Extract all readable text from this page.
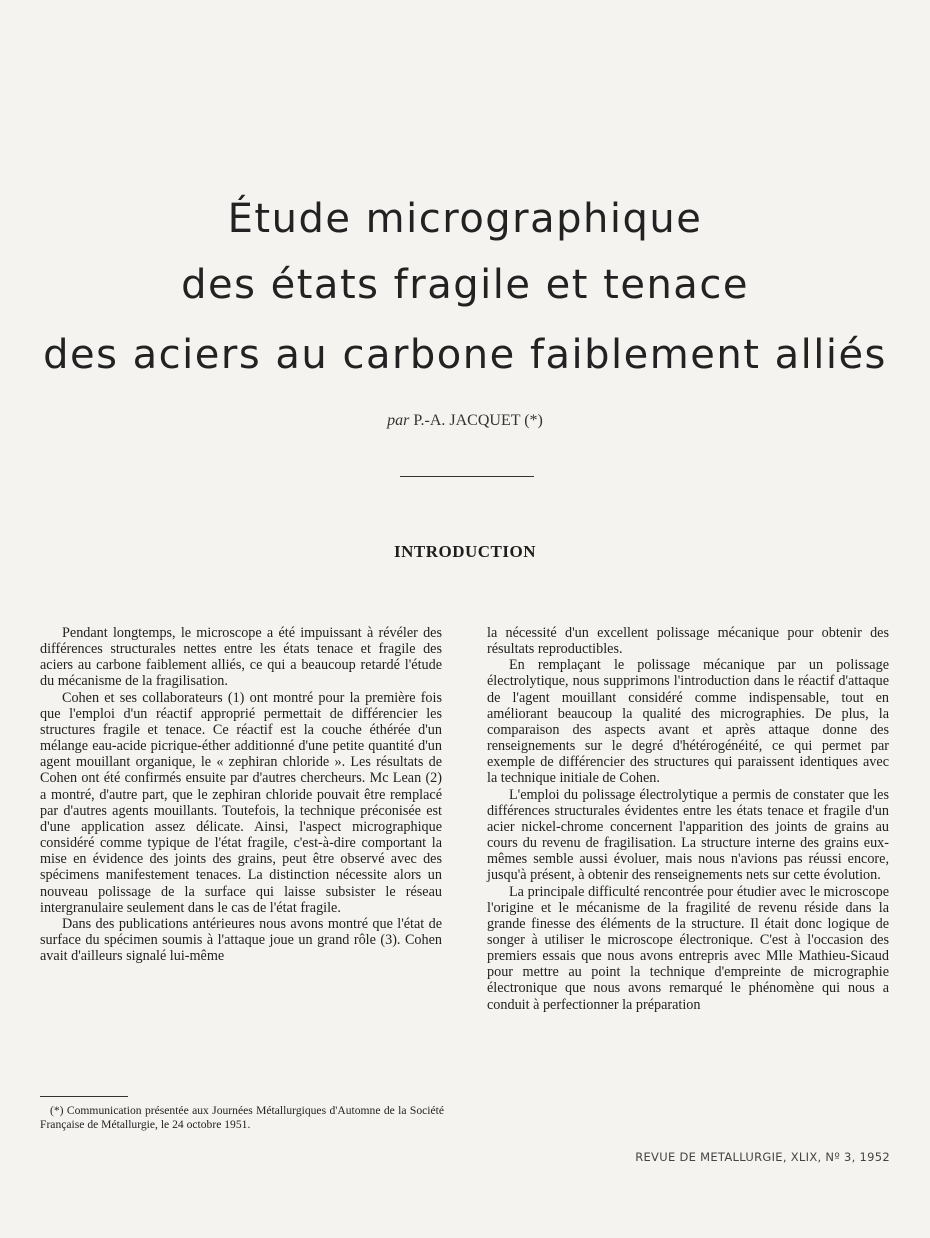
Étude micrographique
des états fragile et tenace
des aciers au carbone faiblement alliés
par P.-A. JACQUET (*)
INTRODUCTION

Pendant longtemps, le microscope a été impuissant à révéler des différences structurales nettes entre les états tenace et fragile des aciers au carbone faiblement alliés, ce qui a beaucoup retardé l'étude du mécanisme de la fragilisation.

Cohen et ses collaborateurs (1) ont montré pour la première fois que l'emploi d'un réactif approprié permettait de différencier les structures fragile et tenace. Ce réactif est la couche éthérée d'un mélange eau-acide picrique-éther additionné d'une petite quantité d'un agent mouillant organique, le « zephiran chloride ». Les résultats de Cohen ont été confirmés ensuite par d'autres chercheurs. Mc Lean (2) a montré, d'autre part, que le zephiran chloride pouvait être remplacé par d'autres agents mouillants. Toutefois, la technique préconisée est d'une application assez délicate. Ainsi, l'aspect micrographique considéré comme typique de l'état fragile, c'est-à-dire comportant la mise en évidence des joints des grains, peut être observé avec des spécimens manifestement tenaces. La distinction nécessite alors un nouveau polissage de la surface qui laisse subsister le réseau intergranulaire seulement dans le cas de l'état fragile.

Dans des publications antérieures nous avons montré que l'état de surface du spécimen soumis à l'attaque joue un grand rôle (3). Cohen avait d'ailleurs signalé lui-même

la nécessité d'un excellent polissage mécanique pour obtenir des résultats reproductibles.

En remplaçant le polissage mécanique par un polissage électrolytique, nous supprimons l'introduction dans le réactif d'attaque de l'agent mouillant considéré comme indispensable, tout en améliorant beaucoup la qualité des micrographies. De plus, la comparaison des aspects avant et après attaque donne des renseignements sur le degré d'hétérogénéité, ce qui permet par exemple de différencier des structures qui paraissent identiques avec la technique initiale de Cohen.

L'emploi du polissage électrolytique a permis de constater que les différences structurales évidentes entre les états tenace et fragile d'un acier nickel-chrome concernent l'apparition des joints de grains au cours du revenu de fragilisation. La structure interne des grains eux-mêmes semble aussi évoluer, mais nous n'avions pas réussi encore, jusqu'à présent, à obtenir des renseignements nets sur cette évolution.

La principale difficulté rencontrée pour étudier avec le microscope l'origine et le mécanisme de la fragilité de revenu réside dans la grande finesse des éléments de la structure. Il était donc logique de songer à utiliser le microscope électronique. C'est à l'occasion des premiers essais que nous avons entrepris avec Mlle Mathieu-Sicaud pour mettre au point la technique d'empreinte de micrographie électronique que nous avons remarqué le phénomène qui nous a conduit à perfectionner la préparation

(*) Communication présentée aux Journées Métallurgiques d'Automne de la Société Française de Métallurgie, le 24 octobre 1951.

REVUE DE METALLURGIE, XLIX, Nº 3, 1952
